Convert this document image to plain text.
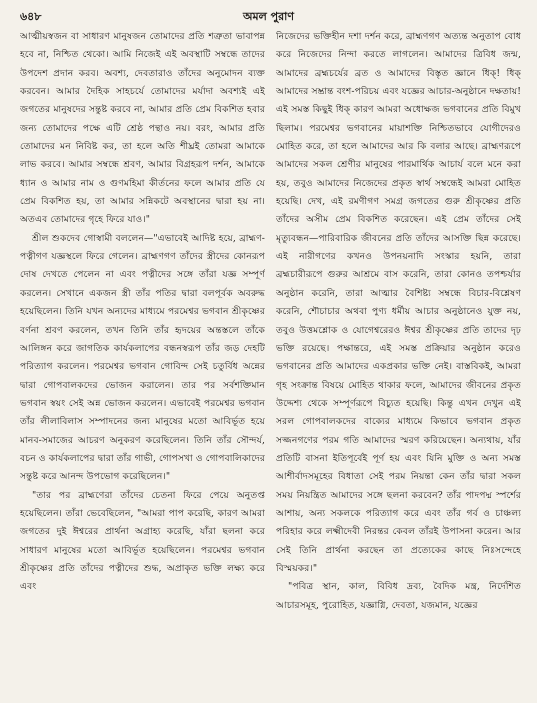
৬৪৮	অমল পুরাণ

আত্মীয়স্বজন বা সাধারণ মানুষজন তোমাদের প্রতি শত্রুতা ভাবাপন্ন হবে না, নিশ্চিত থেকো। আমি নিজেই এই অবস্থাটি সম্বন্ধে তাদের উপদেশ প্রদান করব। অবশ্য, দেবতারাও তাঁদের অনুমোদন ব্যক্ত করবেন। আমার দৈহিক সাহচর্যে তোমাদের মর্যাদা অবশ্যই এই জগতের মানুষদের সন্তুষ্ট করবে না, আমার প্রতি প্রেম বিকশিত হবার জন্য তোমাদের পক্ষে এটি শ্রেষ্ঠ পন্থাও নয়। বরং, আমার প্রতি তোমাদের মন নিবিষ্ট কর, তা হলে অতি শীঘ্রই তোমরা আমাকে লাভ করবে। আমার সম্বন্ধে শ্রবণ, আমার বিগ্রহরূপ দর্শন, আমাকে ধ্যান ও আমার নাম ও গুণমহিমা কীর্তনের ফলে আমার প্রতি যে প্রেম বিকশিত হয়, তা আমার সন্নিকটে অবস্থানের দ্বারা হয় না। অতএব তোমাদের গৃহে ফিরে যাও।"

শ্রীল শুকদেব গোস্বামী বললেন—"এভাবেই আদিষ্ট হয়ে, ব্রাহ্মণ-পত্নীগণ যজ্ঞস্থলে ফিরে গেলেন। ব্রাহ্মণগণ তাঁদের স্ত্রীদের কোনরূপ দোষ দেখতে পেলেন না এবং পত্নীদের সঙ্গে তাঁরা যজ্ঞ সম্পূর্ণ করলেন। সেখানে একজন স্ত্রী তাঁর পতির দ্বারা বলপূর্বক অবরুদ্ধ হয়েছিলেন। তিনি যখন অন্যদের মাধ্যমে পরমেশ্বর ভগবান শ্রীকৃষ্ণের বর্ণনা শ্রবণ করলেন, তখন তিনি তাঁর হৃদয়ের অন্তস্তলে তাঁকে আলিঙ্গন করে জাগতিক কার্যকলাপের বন্ধনস্বরূপ তাঁর জড় দেহটি পরিত্যাগ করলেন। পরমেশ্বর ভগবান গোবিন্দ সেই চতুর্বিধ অন্নের দ্বারা গোপবালকদের ভোজন করালেন। তার পর সর্বশক্তিমান ভগবান স্বয়ং সেই অন্ন ভোজন করলেন। এভাবেই পরমেশ্বর ভগবান তাঁর লীলাবিলাস সম্পাদনের জন্য মানুষের মতো আবির্ভূত হয়ে মানব-সমাজের আচরণ অনুকরণ করেছিলেন। তিনি তাঁর সৌন্দর্য, বচন ও কার্যকলাপের দ্বারা তাঁর গাভী, গোপসখা ও গোপবালিকাদের সন্তুষ্ট করে আনন্দ উপভোগ করেছিলেন।"

"তার পর ব্রাহ্মণেরা তাঁদের চেতনা ফিরে পেয়ে অনুতপ্ত হয়েছিলেন। তাঁরা ভেবেছিলেন, "আমরা পাপ করেছি, কারণ আমরা জগতের দুই ঈশ্বরের প্রার্থনা অগ্রাহ্য করেছি, যাঁরা ছলনা করে সাধারণ মানুষের মতো আবির্ভূত হয়েছিলেন। পরমেশ্বর ভগবান শ্রীকৃষ্ণের প্রতি তাঁদের পত্নীদের শুদ্ধ, অপ্রাকৃত ভক্তি লক্ষ্য করে এবং

নিজেদের ভক্তিহীন দশা দর্শন করে, ব্রাহ্মণগণ অত্যন্ত অনুতাপ বোধ করে নিজেদের নিন্দা করতে লাগলেন। আমাদের ত্রিবিধ জন্ম, আমাদের ব্রহ্মচর্যের ব্রত ও আমাদের বিস্তৃত জ্ঞানে ধিক্‌! ধিক্‌ আমাদের সম্ভ্রান্ত বংশ-পরিচয় এবং যজ্ঞের আচার-অনুষ্ঠানে দক্ষতায়! এই সমস্ত কিছুই ধিক্‌ কারণ আমরা অধোক্ষজ ভগবানের প্রতি বিমুখ ছিলাম। পরমেশ্বর ভগবানের মায়াশক্তি নিশ্চিতভাবে যোগীদেরও মোহিত করে, তা হলে আমাদের আর কি বলার আছে। ব্রাহ্মণরূপে আমাদের সকল শ্রেণীর মানুষের পারমার্থিক আচার্য বলে মনে করা হয়, তবুও আমাদের নিজেদের প্রকৃত স্বার্থ সম্বন্ধেই আমরা মোহিত হয়েছি। দেখ, এই রমণীগণ সমগ্র জগতের গুরু শ্রীকৃষ্ণের প্রতি তাঁদের অসীম প্রেম বিকশিত করেছেন। এই প্রেম তাঁদের সেই মৃত্যুবন্ধন—পারিবারিক জীবনের প্রতি তাঁদের আসক্তি ছিন্ন করেছে। এই নারীগণের কখনও উপনয়নাদি সংস্কার হয়নি, তারা ব্রহ্মচারীরূপে গুরুর আশ্রমে বাস করেনি, তারা কোনও তপশ্চর্যার অনুষ্ঠান করেনি, তারা আত্মার বৈশিষ্ট্য সম্বন্ধে বিচার-বিশ্লেষণ করেনি, শৌচাচার অথবা পুণ্য ধর্মীয় আচার অনুষ্ঠানেও যুক্ত নয়, তবুও উত্তমশ্লোক ও যোগেশ্বরেরও ঈশ্বর শ্রীকৃষ্ণের প্রতি তাদের দৃঢ় ভক্তি রয়েছে। পক্ষান্তরে, এই সমস্ত প্রক্রিয়ার অনুষ্ঠান করেও ভগবানের প্রতি আমাদের একপ্রকার ভক্তি নেই। বাস্তবিকই, আমরা গৃহ সংক্রান্ত বিষয়ে মোহিত থাকার ফলে, আমাদের জীবনের প্রকৃত উদ্দেশ্য থেকে সম্পূর্ণরূপে বিচ্যুত হয়েছি। কিন্তু এখন দেখুন এই সরল গোপবালকদের বাক্যের মাধ্যমে কিভাবে ভগবান প্রকৃত সজ্জনগণের পরম গতি আমাদের স্মরণ করিয়েছেন। অন্যথায়, যাঁর প্রতিটি বাসনা ইতিপূর্বেই পূর্ণ হয় এবং যিনি মুক্তি ও অন্য সমস্ত আশীর্বাদসমূহের বিধাতা সেই পরম নিয়ন্তা কেন তাঁর দ্বারা সকল সময় নিয়ন্ত্রিত আমাদের সঙ্গে ছলনা করবেন? তাঁর পাদপদ্ম স্পর্শের আশায়, অন্য সকলকে পরিত্যাগ করে এবং তাঁর গর্ব ও চাঞ্চল্য পরিহার করে লক্ষ্মীদেবী নিরন্তর কেবল তাঁরই উপাসনা করেন। আর সেই তিনি প্রার্থনা করছেন তা প্রত্যেকের কাছে নিঃসন্দেহে বিস্ময়কর।"

"পবিত্র স্থান, কাল, বিবিধ দ্রব্য, বৈদিক মন্ত্র, নির্দেশিত আচারসমূহ, পুরোহিত, যজ্ঞাগ্নি, দেবতা, যজমান, যজ্ঞের
